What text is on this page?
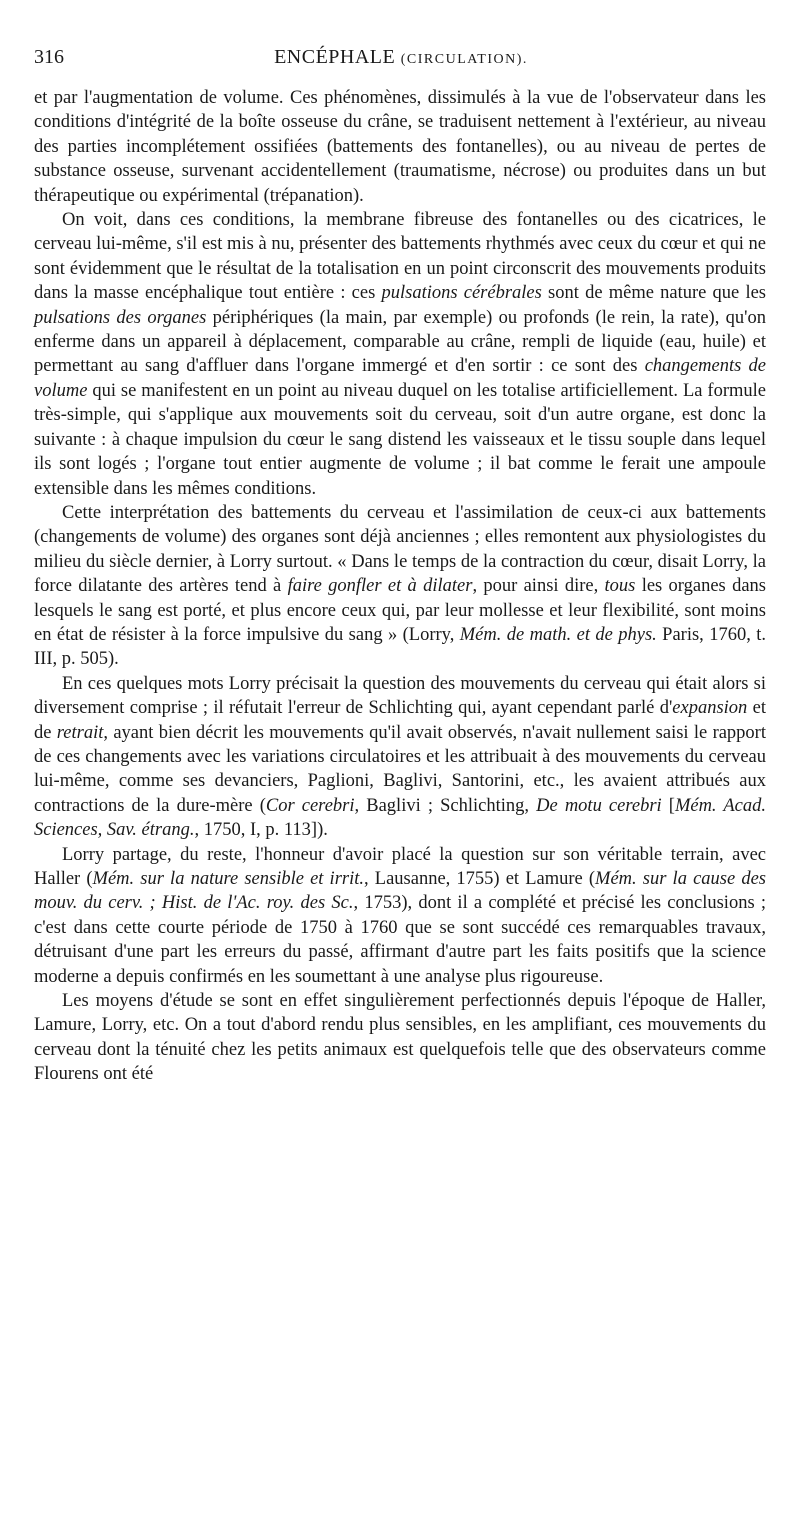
316	ENCÉPHALE (CIRCULATION).

et par l'augmentation de volume. Ces phénomènes, dissimulés à la vue de l'observateur dans les conditions d'intégrité de la boîte osseuse du crâne, se traduisent nettement à l'extérieur, au niveau des parties incomplétement ossifiées (battements des fontanelles), ou au niveau de pertes de substance osseuse, survenant accidentellement (traumatisme, nécrose) ou produites dans un but thérapeutique ou expérimental (trépanation).

On voit, dans ces conditions, la membrane fibreuse des fontanelles ou des cicatrices, le cerveau lui-même, s'il est mis à nu, présenter des battements rhythmés avec ceux du cœur et qui ne sont évidemment que le résultat de la totalisation en un point circonscrit des mouvements produits dans la masse encéphalique tout entière : ces pulsations cérébrales sont de même nature que les pulsations des organes périphériques (la main, par exemple) ou profonds (le rein, la rate), qu'on enferme dans un appareil à déplacement, comparable au crâne, rempli de liquide (eau, huile) et permettant au sang d'affluer dans l'organe immergé et d'en sortir : ce sont des changements de volume qui se manifestent en un point au niveau duquel on les totalise artificiellement. La formule très-simple, qui s'applique aux mouvements soit du cerveau, soit d'un autre organe, est donc la suivante : à chaque impulsion du cœur le sang distend les vaisseaux et le tissu souple dans lequel ils sont logés ; l'organe tout entier augmente de volume ; il bat comme le ferait une ampoule extensible dans les mêmes conditions.

Cette interprétation des battements du cerveau et l'assimilation de ceux-ci aux battements (changements de volume) des organes sont déjà anciennes ; elles remontent aux physiologistes du milieu du siècle dernier, à Lorry surtout. « Dans le temps de la contraction du cœur, disait Lorry, la force dilatante des artères tend à faire gonfler et à dilater, pour ainsi dire, tous les organes dans lesquels le sang est porté, et plus encore ceux qui, par leur mollesse et leur flexibilité, sont moins en état de résister à la force impulsive du sang » (Lorry, Mém. de math. et de phys. Paris, 1760, t. III, p. 505).

En ces quelques mots Lorry précisait la question des mouvements du cerveau qui était alors si diversement comprise ; il réfutait l'erreur de Schlichting qui, ayant cependant parlé d'expansion et de retrait, ayant bien décrit les mouvements qu'il avait observés, n'avait nullement saisi le rapport de ces changements avec les variations circulatoires et les attribuait à des mouvements du cerveau lui-même, comme ses devanciers, Paglioni, Baglivi, Santorini, etc., les avaient attribués aux contractions de la dure-mère (Cor cerebri, Baglivi ; Schlichting, De motu cerebri [Mém. Acad. Sciences, Sav. étrang., 1750, I, p. 113]).

Lorry partage, du reste, l'honneur d'avoir placé la question sur son véritable terrain, avec Haller (Mém. sur la nature sensible et irrit., Lausanne, 1755) et Lamure (Mém. sur la cause des mouv. du cerv. ; Hist. de l'Ac. roy. des Sc., 1753), dont il a complété et précisé les conclusions ; c'est dans cette courte période de 1750 à 1760 que se sont succédé ces remarquables travaux, détruisant d'une part les erreurs du passé, affirmant d'autre part les faits positifs que la science moderne a depuis confirmés en les soumettant à une analyse plus rigoureuse.

Les moyens d'étude se sont en effet singulièrement perfectionnés depuis l'époque de Haller, Lamure, Lorry, etc. On a tout d'abord rendu plus sensibles, en les amplifiant, ces mouvements du cerveau dont la ténuité chez les petits animaux est quelquefois telle que des observateurs comme Flourens ont été
